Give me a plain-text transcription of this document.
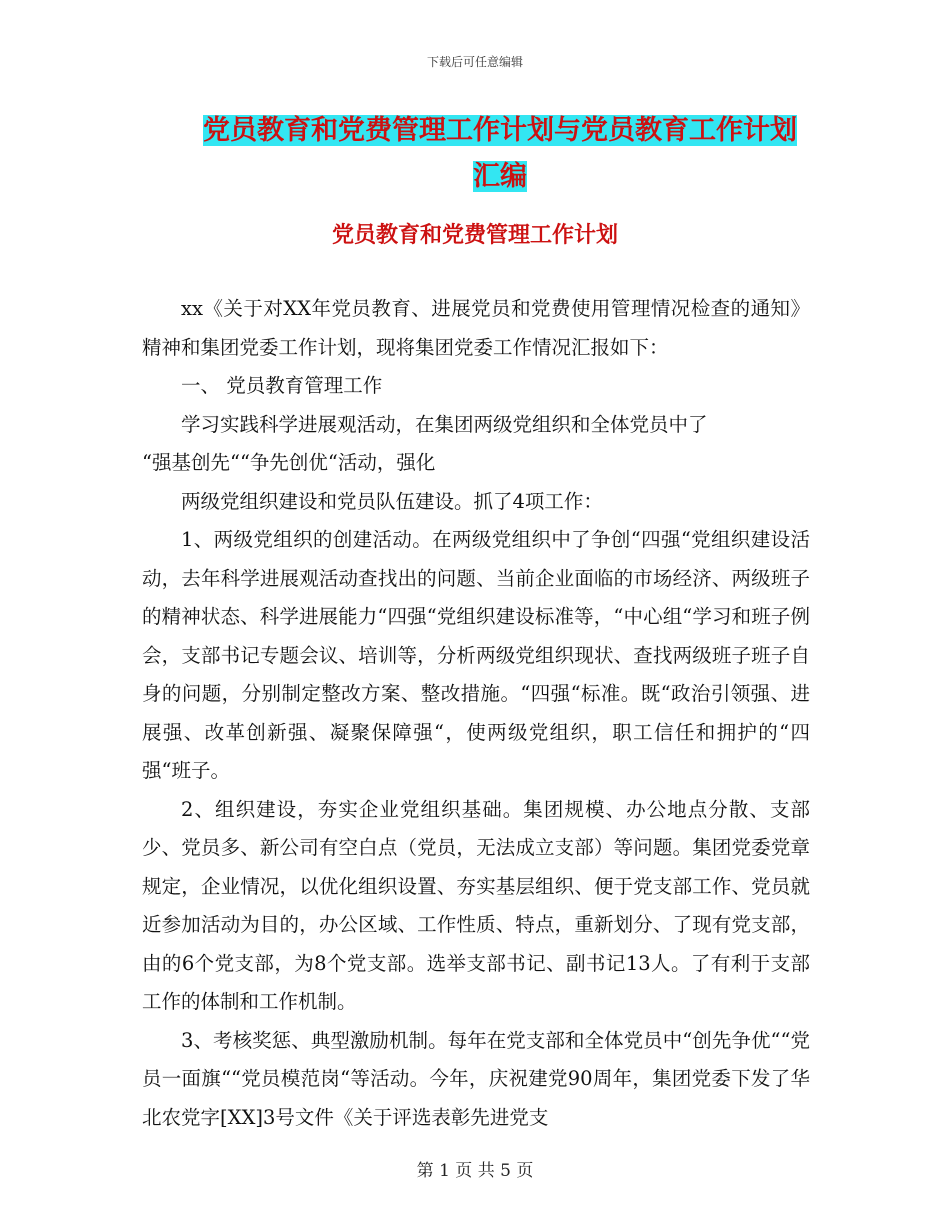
下载后可任意编辑
党员教育和党费管理工作计划与党员教育工作计划汇编
党员教育和党费管理工作计划

xx《关于对XX年党员教育、进展党员和党费使用管理情况检查的通知》精神和集团党委工作计划，现将集团党委工作情况汇报如下：

一、 党员教育管理工作

学习实践科学进展观活动，在集团两级党组织和全体党员中了

“强基创先““争先创优“活动，强化

两级党组织建设和党员队伍建设。抓了4项工作：

1、两级党组织的创建活动。在两级党组织中了争创“四强“党组织建设活动，去年科学进展观活动查找出的问题、当前企业面临的市场经济、两级班子的精神状态、科学进展能力“四强“党组织建设标准等，“中心组“学习和班子例会，支部书记专题会议、培训等，分析两级党组织现状、查找两级班子班子自身的问题，分别制定整改方案、整改措施。“四强“标准。既“政治引领强、进展强、改革创新强、凝聚保障强“，使两级党组织，职工信任和拥护的“四强“班子。

2、组织建设，夯实企业党组织基础。集团规模、办公地点分散、支部少、党员多、新公司有空白点（党员，无法成立支部）等问题。集团党委党章规定，企业情况，以优化组织设置、夯实基层组织、便于党支部工作、党员就近参加活动为目的，办公区域、工作性质、特点，重新划分、了现有党支部，由的6个党支部，为8个党支部。选举支部书记、副书记13人。了有利于支部工作的体制和工作机制。

3、考核奖惩、典型激励机制。每年在党支部和全体党员中“创先争优““党员一面旗““党员模范岗“等活动。今年，庆祝建党90周年，集团党委下发了华北农党字[XX]3号文件《关于评选表彰先进党支

第 1 页 共 5 页
